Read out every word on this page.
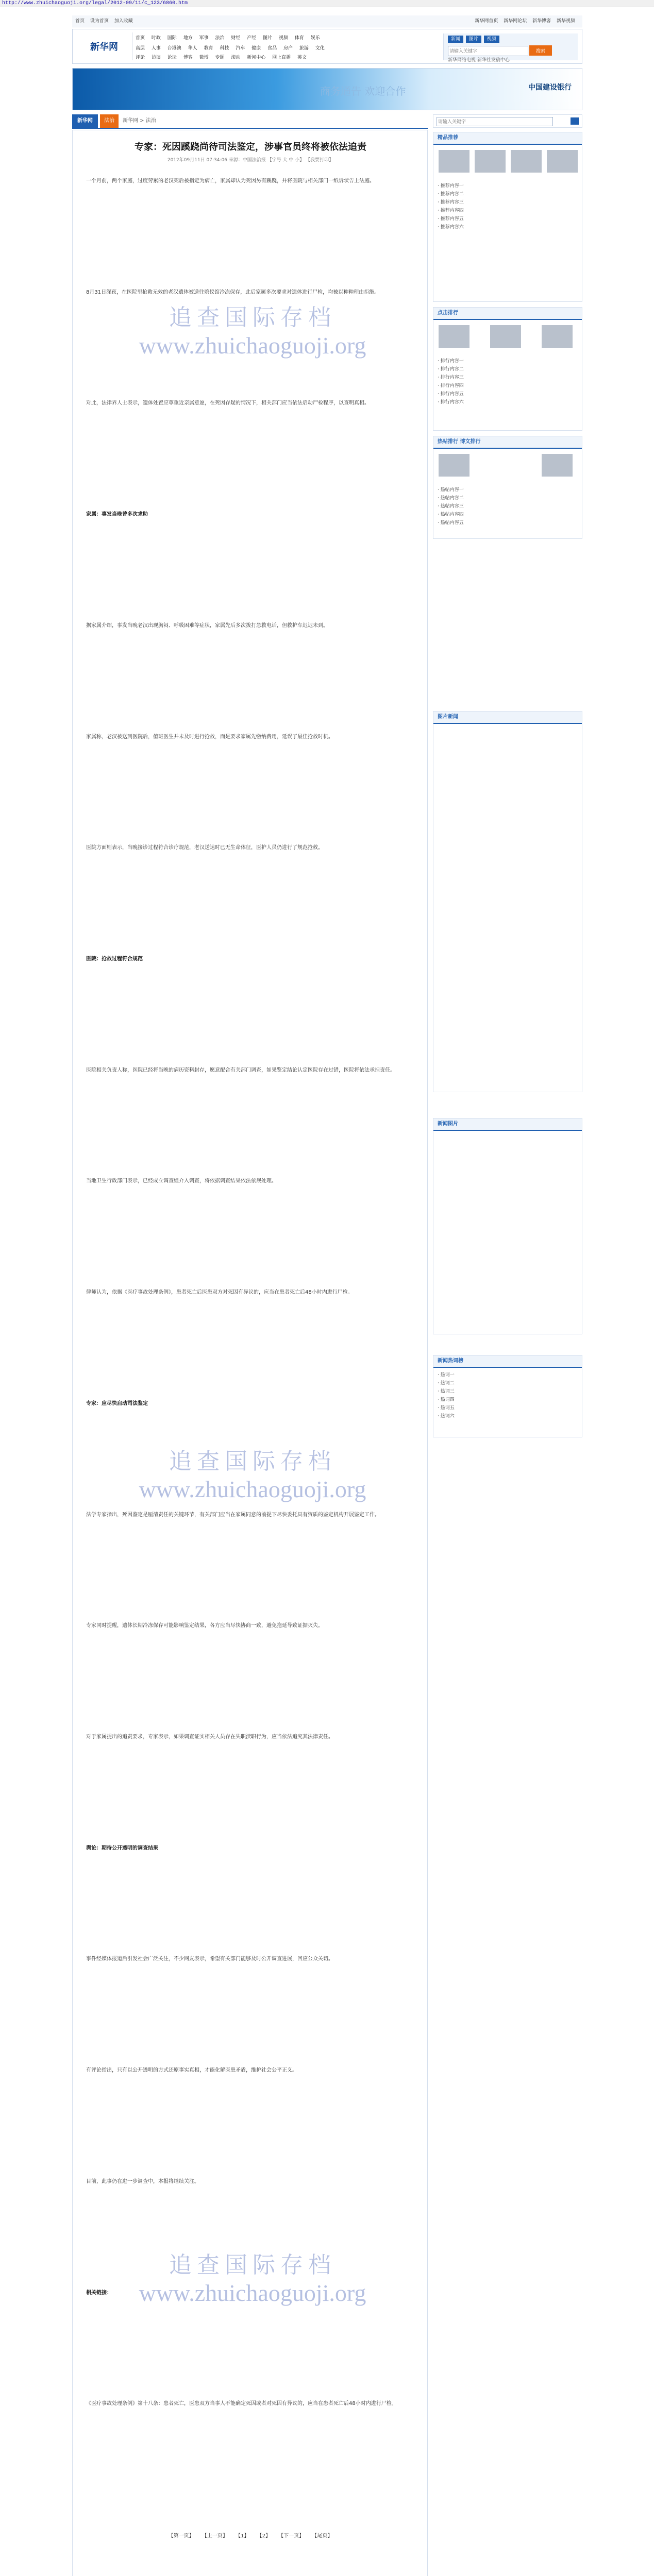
http://www.zhuichaoguoji.org/legal/2012-09/11/c_123/6860.htm
首页 设为首页 加入收藏	新华网首页 新华网论坛 新华博客 新华视频
新华网
首页 时政 国际 地方 军事 法治 财经 产经 图片 视频 体育 娱乐
高层 人事 台港澳 华人 教育 科技 汽车 健康 食品 房产 旅游 文化
评论 访谈 论坛 博客 微博 专题 滚动 新闻中心 网上直播 英文
新闻 图片 视频
请输入关键字
搜索
新华网络电视 新华社发稿中心
商务通告 欢迎合作	中国建设银行
新华网 法治 新华网 > 法治
请输入关键字
专家：死因蹊跷尚待司法鉴定，涉事官员终将被依法追责
2012年09月11日 07:34:06 来源：中国法治报 【字号 大 中 小】 【我要打印】

一个月前，两个家庭，过度劳累的老汉死后被指定为病亡，家属却认为死因另有蹊跷，并将医院与相关部门一纸诉状告上法庭。

8月31日深夜，在医院里抢救无效的老汉遗体被送往殡仪馆冷冻保存，此后家属多次要求对遗体进行尸检，均被以种种理由拒绝。

对此，法律界人士表示，遗体处置应尊重近亲属意愿，在死因存疑的情况下，相关部门应当依法启动尸检程序，以查明真相。

家属：事发当晚曾多次求助

据家属介绍，事发当晚老汉出现胸闷、呼吸困难等症状，家属先后多次拨打急救电话，但救护车迟迟未到。

家属称，老汉被送到医院后，值班医生并未及时进行抢救，而是要求家属先缴纳费用，延误了最佳抢救时机。

医院方面则表示，当晚接诊过程符合诊疗规范，老汉送达时已无生命体征，医护人员仍进行了规范抢救。

医院：抢救过程符合规范

医院相关负责人称，医院已经将当晚的病历资料封存，愿意配合有关部门调查，如果鉴定结论认定医院存在过错，医院将依法承担责任。

当地卫生行政部门表示，已经成立调查组介入调查，将依据调查结果依法依规处理。

律师认为，依据《医疗事故处理条例》，患者死亡后医患双方对死因有异议的，应当在患者死亡后48小时内进行尸检。

专家：应尽快启动司法鉴定

法学专家指出，死因鉴定是厘清责任的关键环节，有关部门应当在家属同意的前提下尽快委托具有资质的鉴定机构开展鉴定工作。

专家同时提醒，遗体长期冷冻保存可能影响鉴定结果，各方应当尽快协商一致，避免拖延导致证据灭失。

对于家属提出的追责要求，专家表示，如果调查证实相关人员存在失职渎职行为，应当依法追究其法律责任。

舆论：期待公开透明的调查结果

事件经媒体报道后引发社会广泛关注，不少网友表示，希望有关部门能够及时公开调查进展，回应公众关切。

有评论指出，只有以公开透明的方式还原事实真相，才能化解医患矛盾，维护社会公平正义。

目前，此事仍在进一步调查中，本报将继续关注。

相关链接：

《医疗事故处理条例》第十八条：患者死亡，医患双方当事人不能确定死因或者对死因有异议的，应当在患者死亡后48小时内进行尸检。

【第一页】 【上一页】 【1】 【2】 【下一页】 【尾页】

精品推荐
· 推荐内容一
· 推荐内容二
· 推荐内容三
· 推荐内容四
· 推荐内容五
· 推荐内容六
点击排行
· 排行内容一
· 排行内容二
· 排行内容三
· 排行内容四
· 排行内容五
· 排行内容六
热帖排行 博文排行
· 热帖内容一
· 热帖内容二
· 热帖内容三
· 热帖内容四
· 热帖内容五
图片新闻
新闻图片
新闻热词榜
· 热词一
· 热词二
· 热词三
· 热词四
· 热词五
· 热词六
追查国际存档
www.zhuichaoguoji.org
追查国际存档
www.zhuichaoguoji.org
追查国际存档
www.zhuichaoguoji.org
